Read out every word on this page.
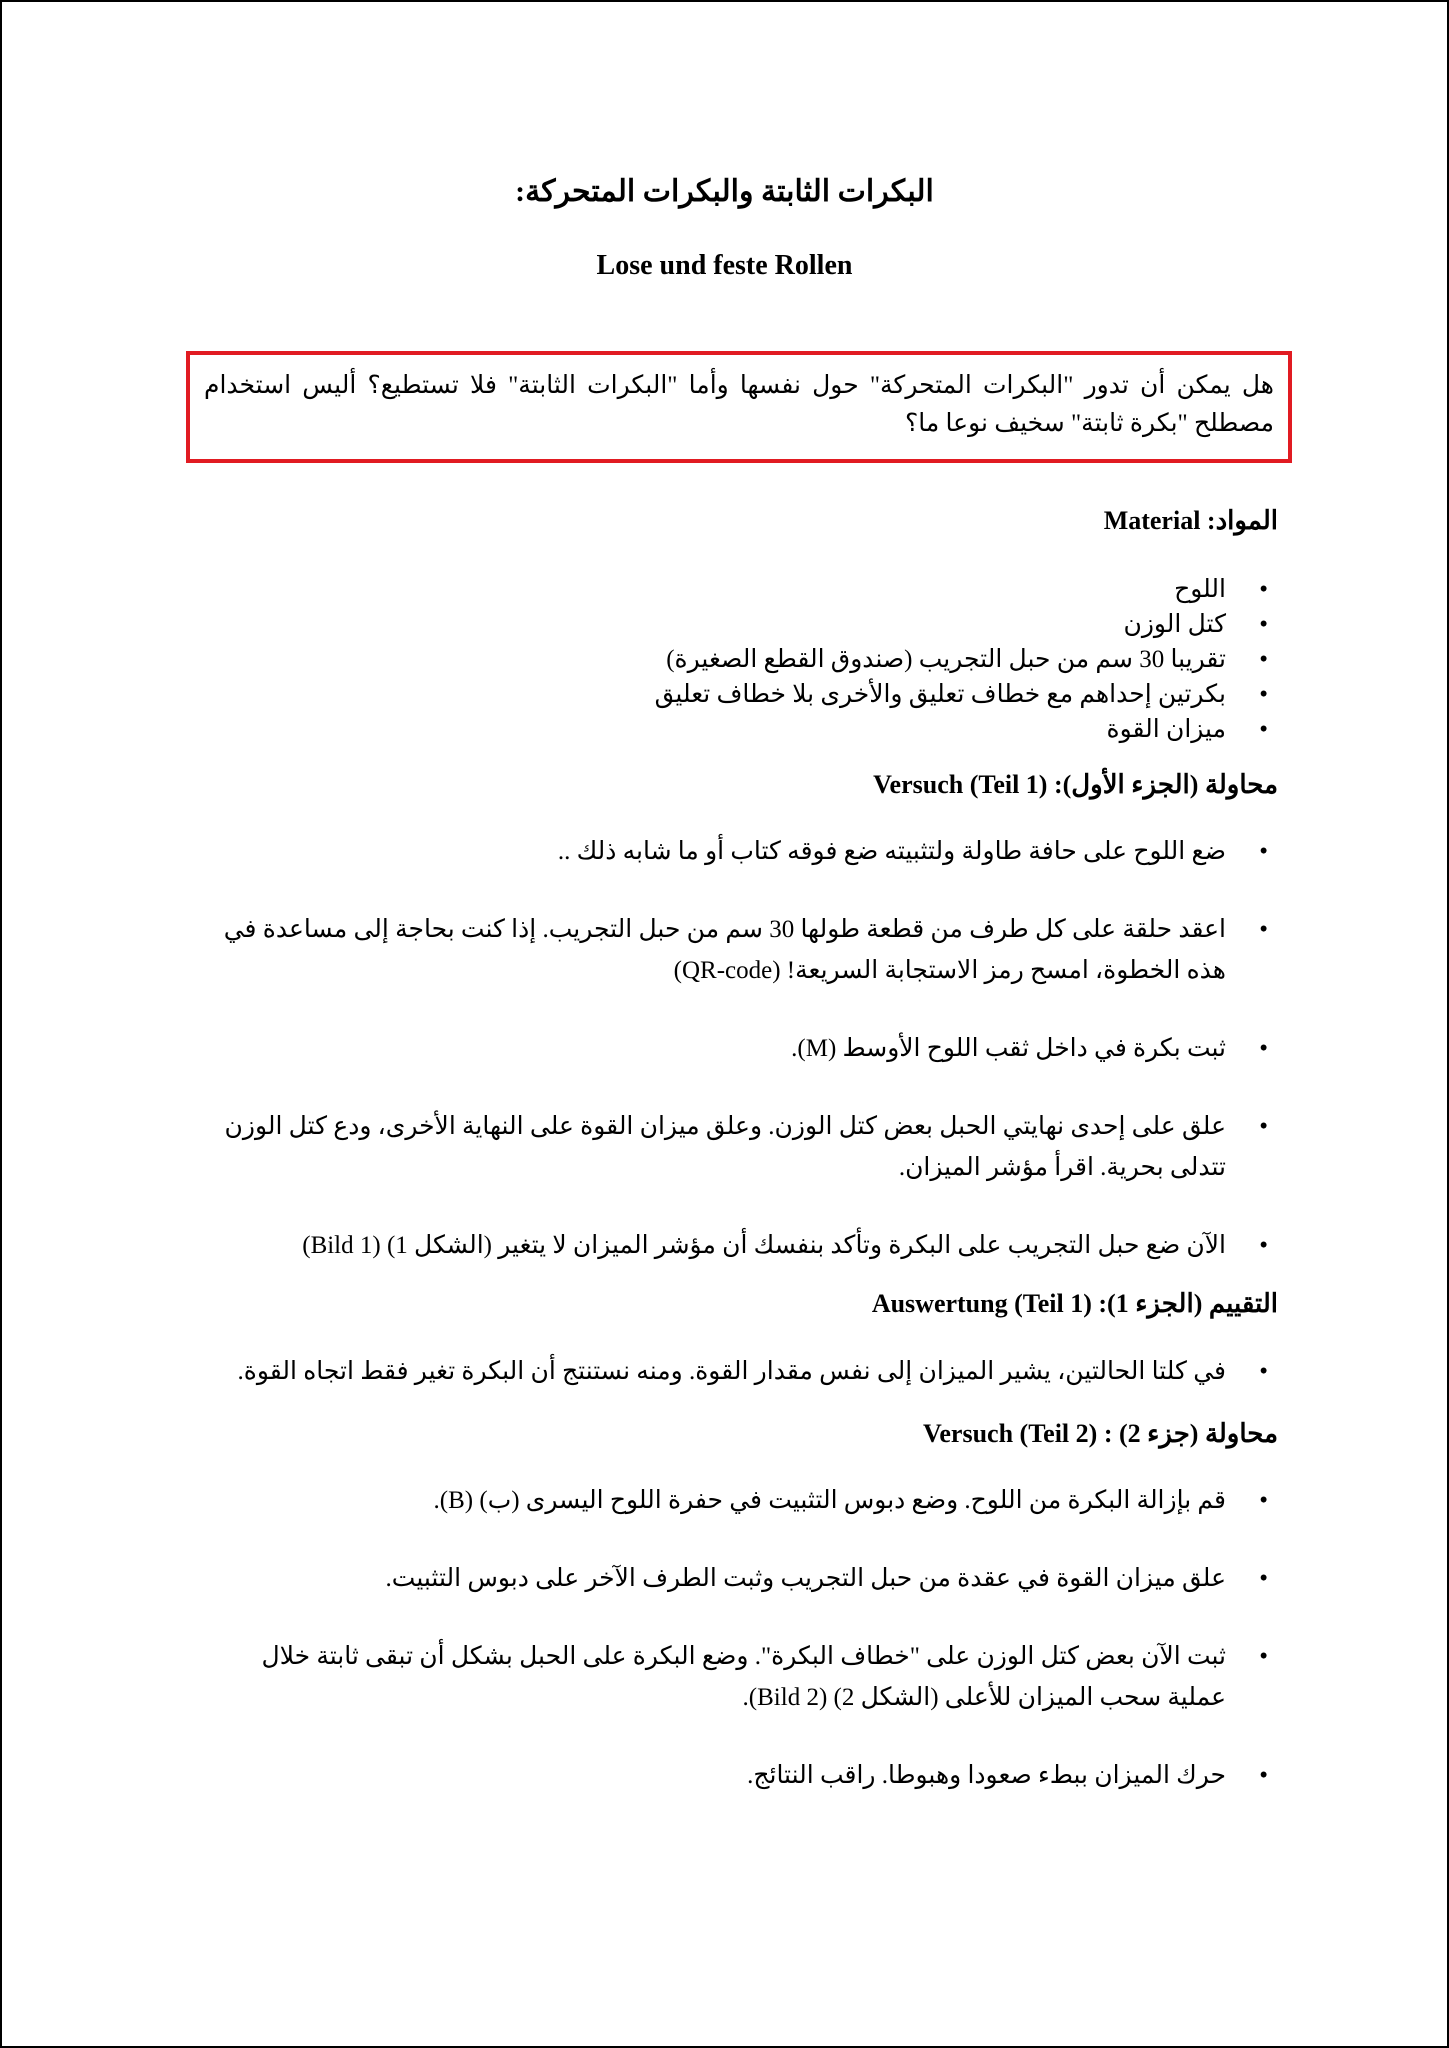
البكرات الثابتة والبكرات المتحركة:
Lose und feste Rollen
هل يمكن أن تدور "البكرات المتحركة" حول نفسها وأما "البكرات الثابتة" فلا تستطيع؟ أليس استخدام مصطلح "بكرة ثابتة" سخيف نوعا ما؟
المواد: Material
• اللوح
• كتل الوزن
• تقريبا 30 سم من حبل التجريب (صندوق القطع الصغيرة)
• بكرتين إحداهم مع خطاف تعليق والأخرى بلا خطاف تعليق
• ميزان القوة
محاولة (الجزء الأول): Versuch (Teil 1)
• ضع اللوح على حافة طاولة ولتثبيته ضع فوقه كتاب أو ما شابه ذلك ..
• اعقد حلقة على كل طرف من قطعة طولها 30 سم من حبل التجريب. إذا كنت بحاجة إلى مساعدة في هذه الخطوة، امسح رمز الاستجابة السريعة! (QR-code)
• ثبت بكرة في داخل ثقب اللوح الأوسط (M).
• علق على إحدى نهايتي الحبل بعض كتل الوزن. وعلق ميزان القوة على النهاية الأخرى، ودع كتل الوزن تتدلى بحرية. اقرأ مؤشر الميزان.
• الآن ضع حبل التجريب على البكرة وتأكد بنفسك أن مؤشر الميزان لا يتغير (الشكل 1) (Bild 1)
التقييم (الجزء 1): Auswertung (Teil 1)
• في كلتا الحالتين، يشير الميزان إلى نفس مقدار القوة. ومنه نستنتج أن البكرة تغير فقط اتجاه القوة.
محاولة (جزء 2) : Versuch (Teil 2)
• قم بإزالة البكرة من اللوح. وضع دبوس التثبيت في حفرة اللوح اليسرى (ب) (B).
• علق ميزان القوة في عقدة من حبل التجريب وثبت الطرف الآخر على دبوس التثبيت.
• ثبت الآن بعض كتل الوزن على "خطاف البكرة". وضع البكرة على الحبل بشكل أن تبقى ثابتة خلال عملية سحب الميزان للأعلى (الشكل 2) (Bild 2).
• حرك الميزان ببطء صعودا وهبوطا. راقب النتائج.
